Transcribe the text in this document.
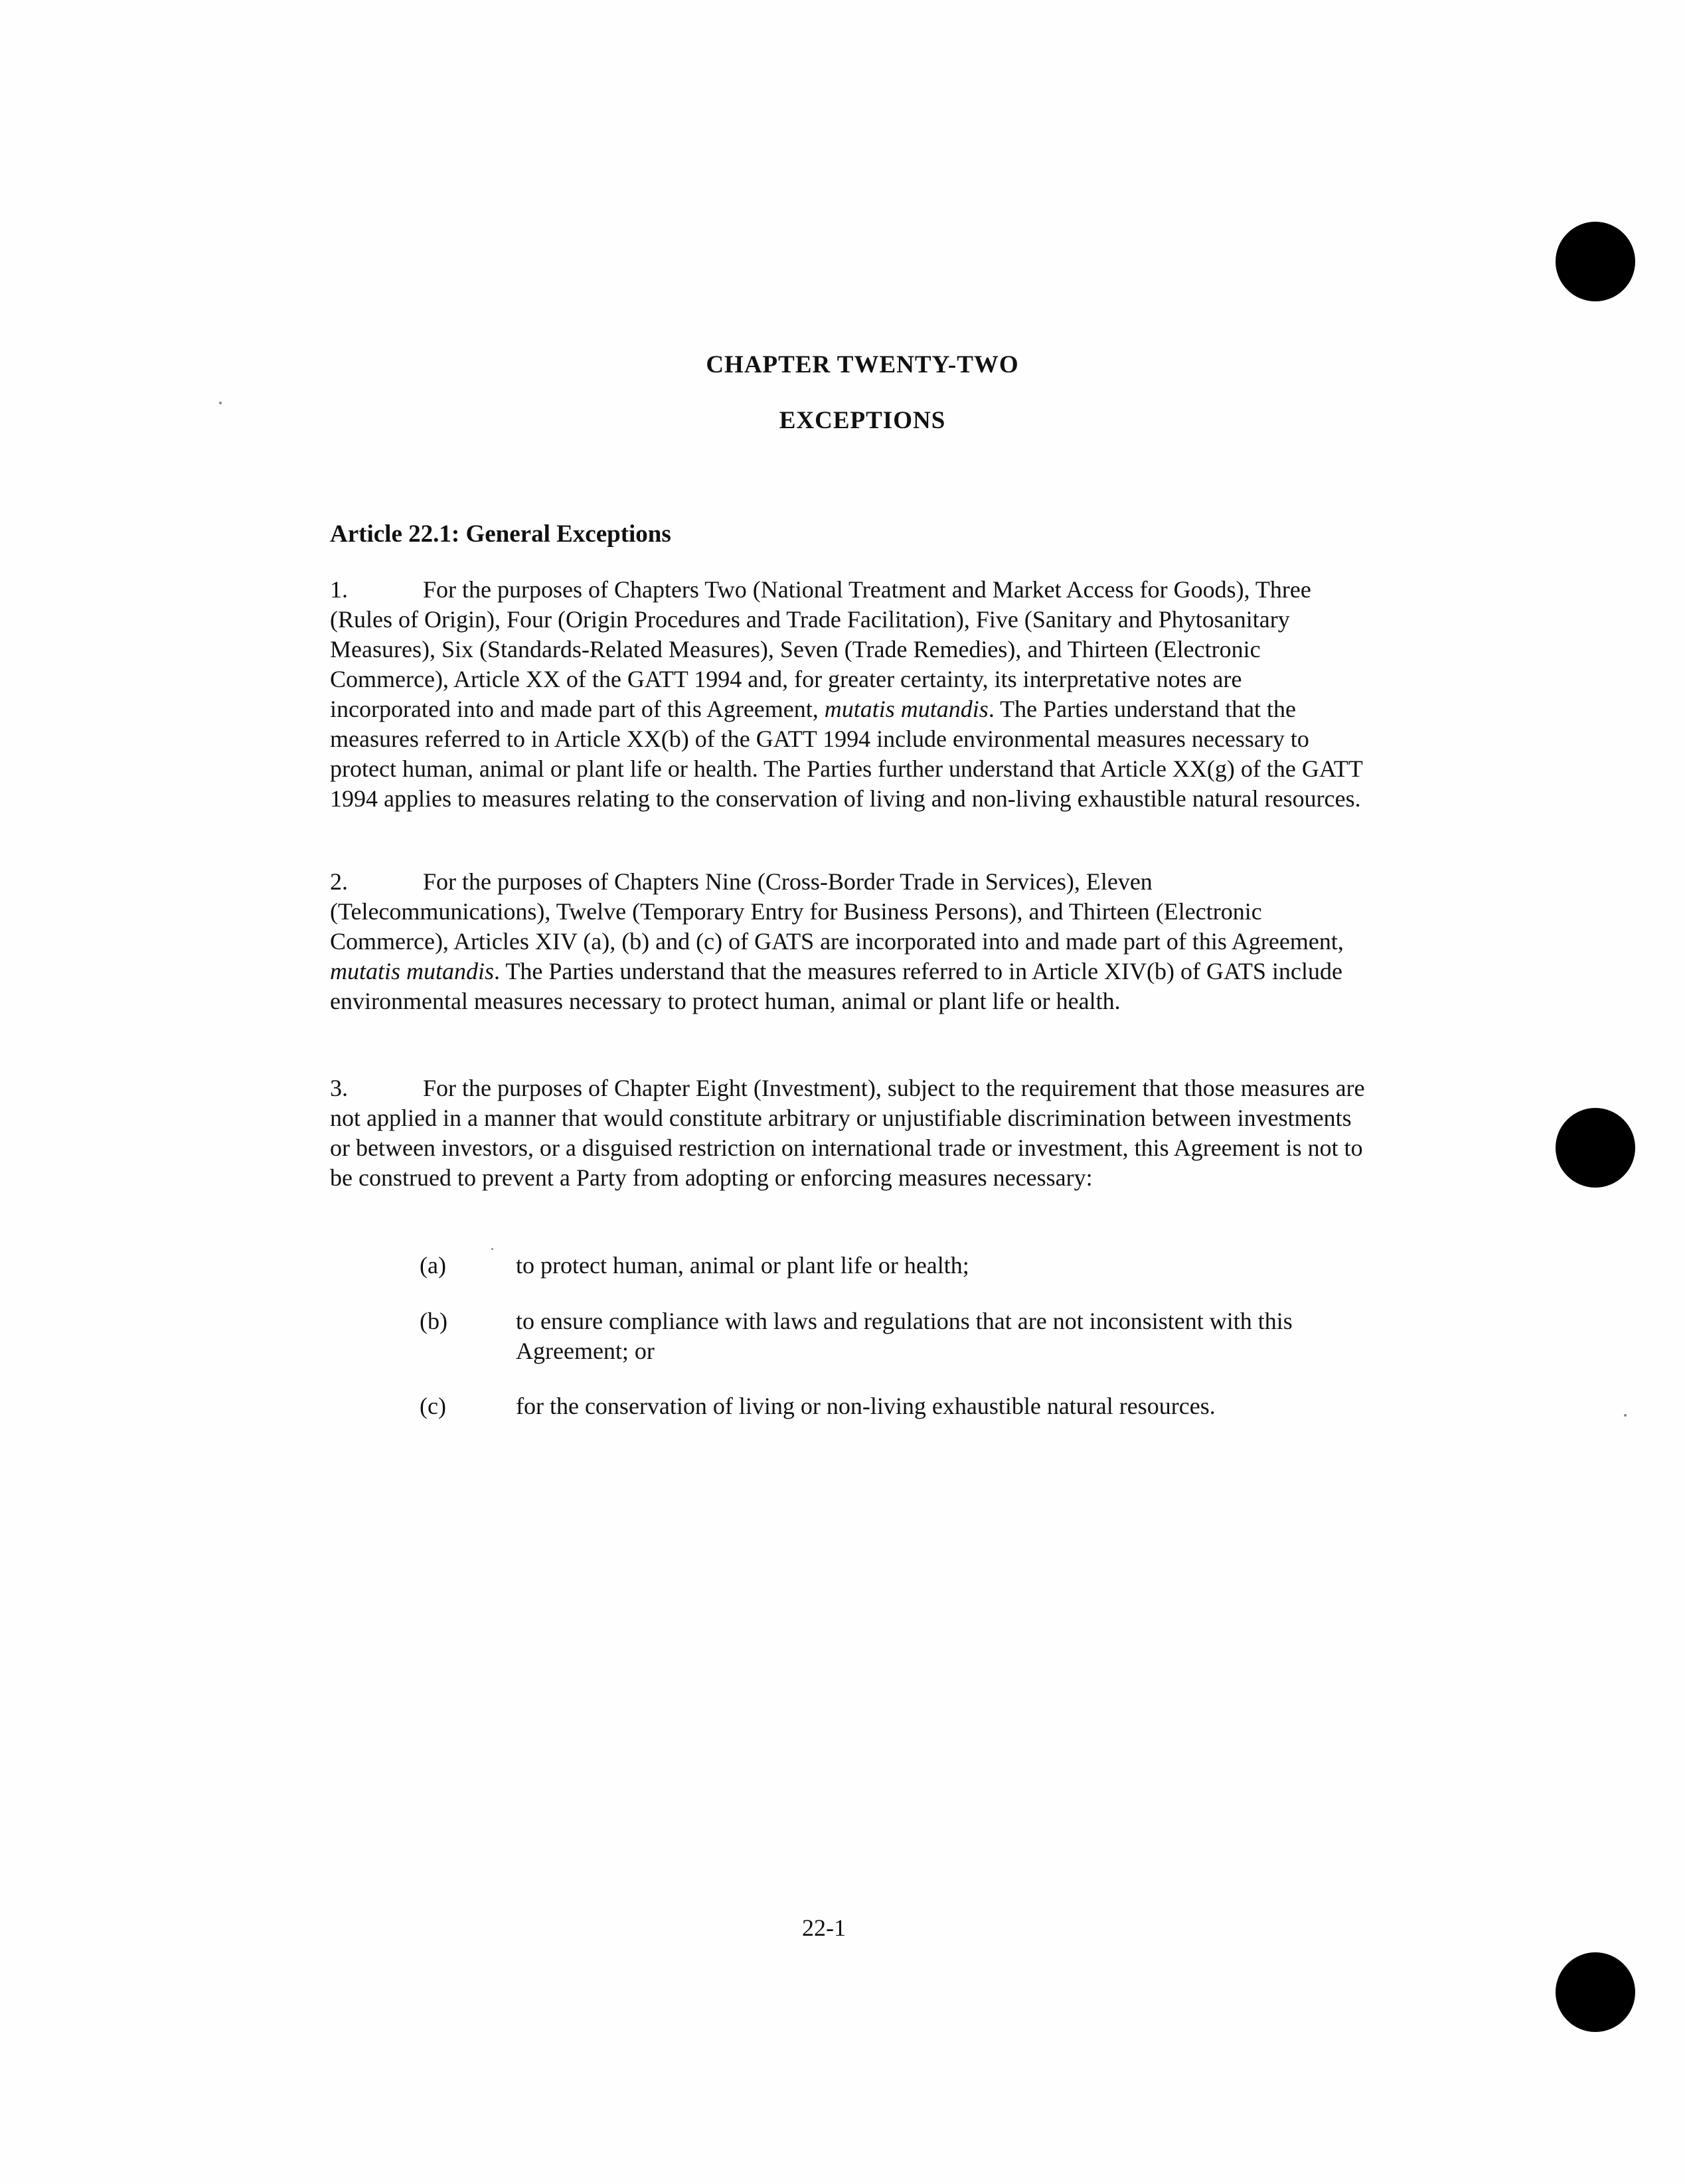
CHAPTER TWENTY-TWO
EXCEPTIONS
Article 22.1: General Exceptions
1.	For the purposes of Chapters Two (National Treatment and Market Access for Goods), Three (Rules of Origin), Four (Origin Procedures and Trade Facilitation), Five (Sanitary and Phytosanitary Measures), Six (Standards-Related Measures), Seven (Trade Remedies), and Thirteen (Electronic Commerce), Article XX of the GATT 1994 and, for greater certainty, its interpretative notes are incorporated into and made part of this Agreement, mutatis mutandis. The Parties understand that the measures referred to in Article XX(b) of the GATT 1994 include environmental measures necessary to protect human, animal or plant life or health. The Parties further understand that Article XX(g) of the GATT 1994 applies to measures relating to the conservation of living and non-living exhaustible natural resources.
2.	For the purposes of Chapters Nine (Cross-Border Trade in Services), Eleven (Telecommunications), Twelve (Temporary Entry for Business Persons), and Thirteen (Electronic Commerce), Articles XIV (a), (b) and (c) of GATS are incorporated into and made part of this Agreement, mutatis mutandis. The Parties understand that the measures referred to in Article XIV(b) of GATS include environmental measures necessary to protect human, animal or plant life or health.
3.	For the purposes of Chapter Eight (Investment), subject to the requirement that those measures are not applied in a manner that would constitute arbitrary or unjustifiable discrimination between investments or between investors, or a disguised restriction on international trade or investment, this Agreement is not to be construed to prevent a Party from adopting or enforcing measures necessary:
(a)	to protect human, animal or plant life or health;
(b)	to ensure compliance with laws and regulations that are not inconsistent with this Agreement; or
(c)	for the conservation of living or non-living exhaustible natural resources.
22-1
